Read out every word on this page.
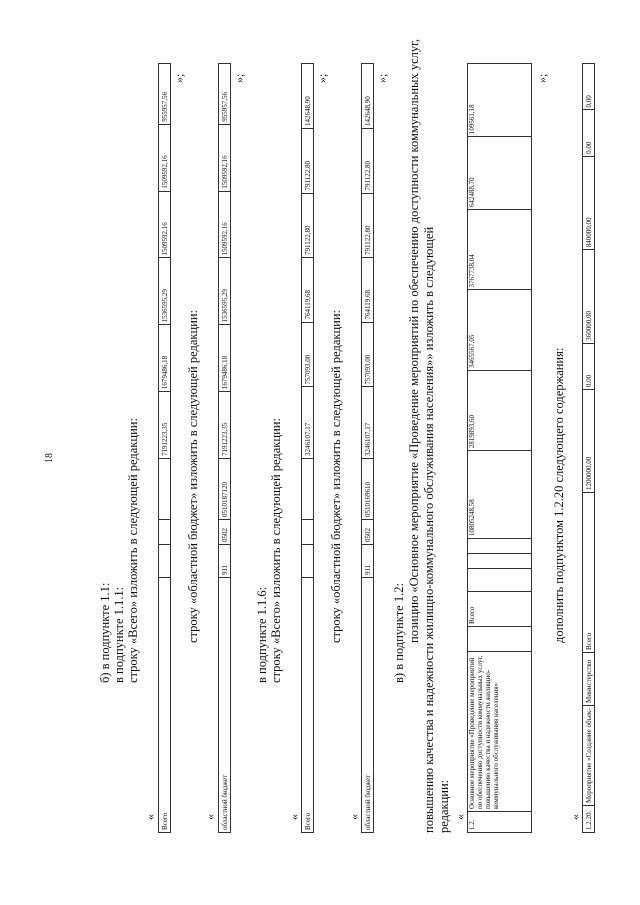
18
б) в подпункте 1.1: в подпункте 1.1.1: строку «Всего» изложить в следующей редакции:
« Всего				7191223,35	1679486,18	1536595,29	1509592,16	1509592,16	955957,56
»;
строку «областной бюджет» изложить в следующей редакции:
« областной бюджет	911	0502	0510187120	7191223,35	1679486,18	1536595,29	1509592,16	1509592,16	955957,56
»;
в подпункте 1.1.6: строку «Всего» изложить в следующей редакции:
« Всего				3246107,17	757093,00	764119,68	791122,80	791122,80	142648,90
»;
строку «областной бюджет» изложить в следующей редакции:
« областной бюджет	911	0502	0510169610	3246107,17	757093,00	764119,68	791122,80	791122,80	142648,90
»;
в) в подпункте 1.2: позицию «Основное мероприятие «Проведение мероприятий по обеспечению доступности коммунальных услуг, повышению качества и надежности жилищно-коммунального обслуживания населения»» изложить в следующей редакции: «
1.2.	Основное мероприятие «Проведение мероприятий по обеспечению доступности коммунальных услуг, повышению качества и надежности жилищно-коммунального обслуживания населения»		Всего				10805248,58	2819893,60	3465567,05	3767738,04	642488,70	109561,18
»;
дополнить подпунктом 1.2.20 следующего содержания:
« 1.2.20.	Мероприятие «Создание объек-	Министерство	Всего	1200000,00	0,00	360000,00	840000,00	0,00	0,00
